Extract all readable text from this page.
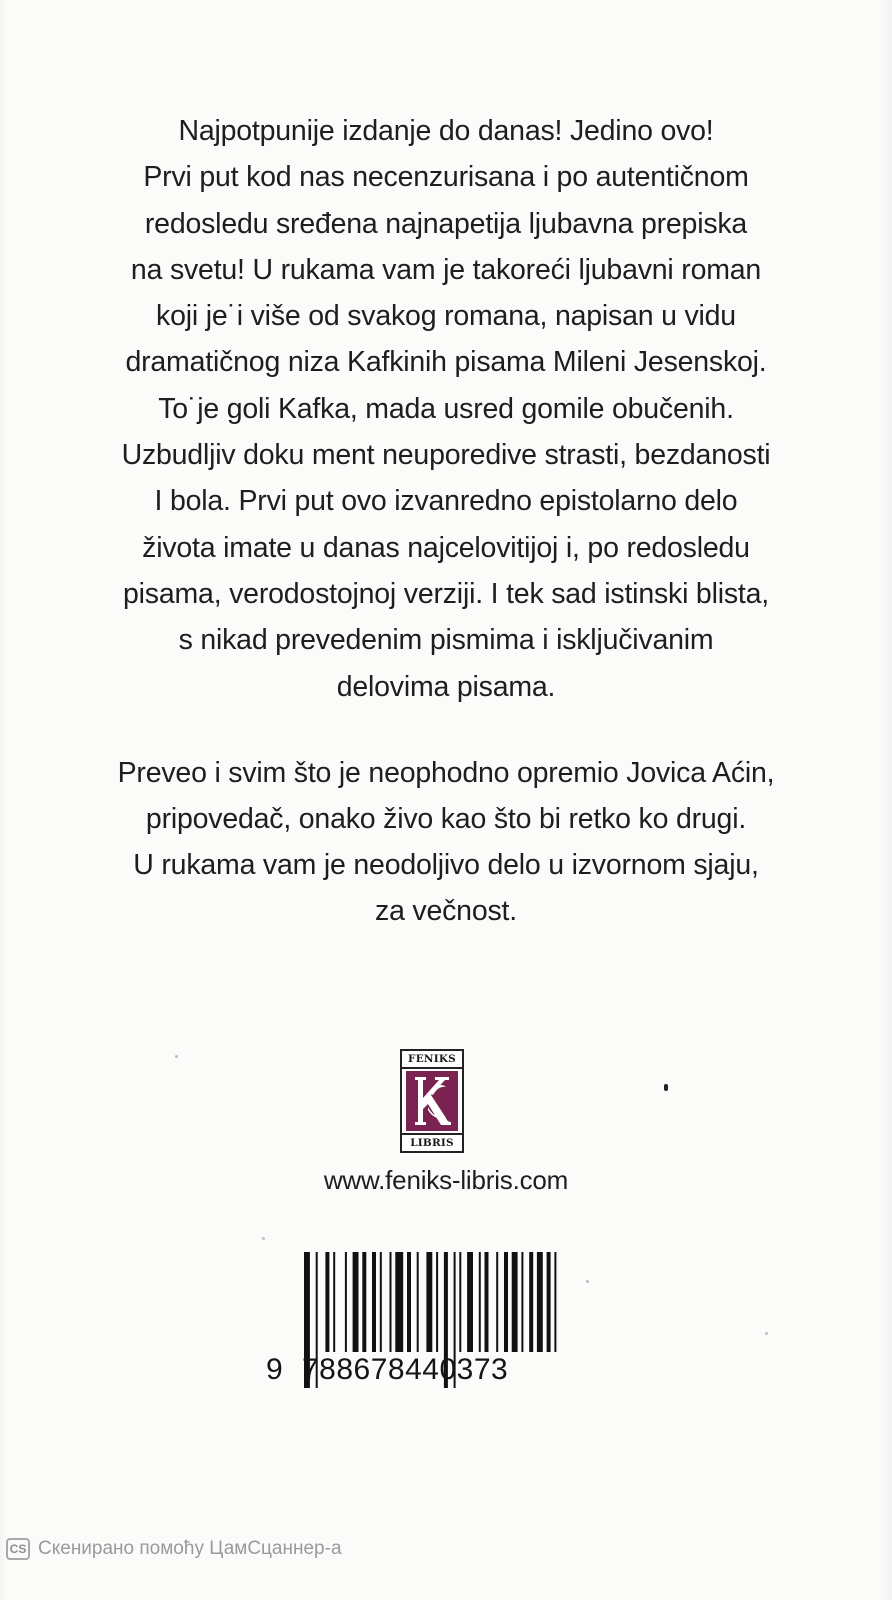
Najpotpunije izdanje do danas! Jedino ovo!
Prvi put kod nas necenzurisana i po autentičnom
redosledu sređena najnapetija ljubavna prepiska
na svetu! U rukama vam je takoreći ljubavni roman
koji je˙i više od svakog romana, napisan u vidu
dramatičnog niza Kafkinih pisama Mileni Jesenskoj.
To˙je goli Kafka, mada usred gomile obučenih.
Uzbudljiv doku ment neuporedive strasti, bezdanosti
I bola. Prvi put ovo izvanredno epistolarno delo
života imate u danas najcelovitijoj i, po redosledu
pisama, verodostojnoj verziji. I tek sad istinski blista,
s nikad prevedenim pismima i isključivanim
delovima pisama.
Preveo i svim što je neophodno opremio Jovica Aćin,
pripovedač, onako živo kao što bi retko ko drugi.
U rukama vam je neodoljivo delo u izvornom sjaju,
za večnost.
FENIKS
LIBRIS
www.feniks-libris.com
9 788678440373
CS Скенирано помоћу ЦамСцаннер-а
